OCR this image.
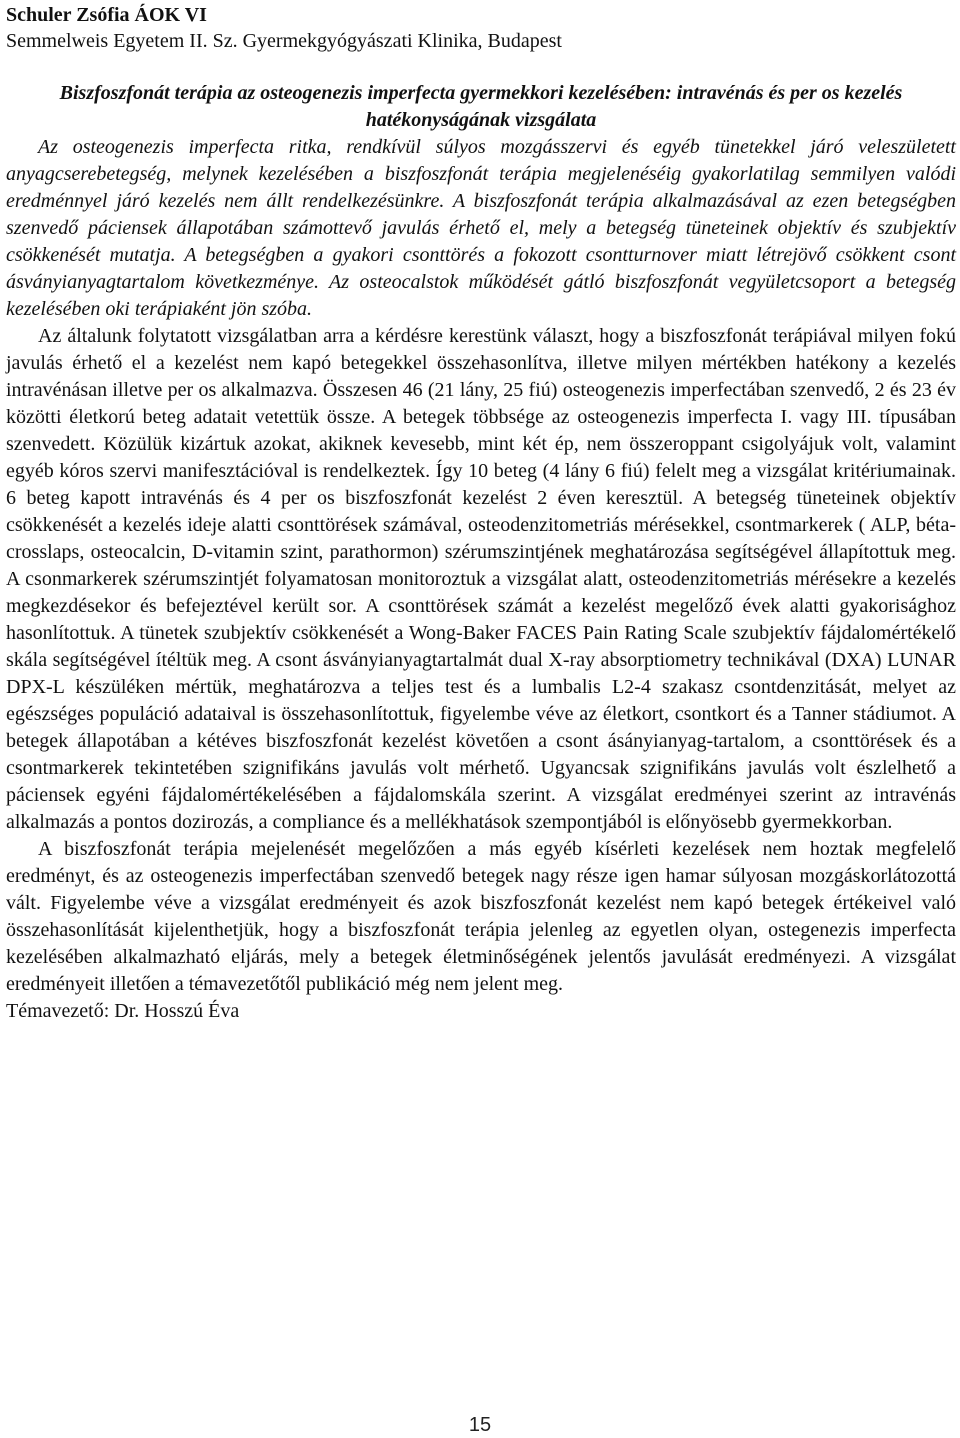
Schuler Zsófia ÁOK VI

Semmelweis Egyetem II. Sz. Gyermekgyógyászati Klinika, Budapest

Biszfoszfonát terápia az osteogenezis imperfecta gyermekkori kezelésében: intravénás és per os kezelés hatékonyságának vizsgálata

Az osteogenezis imperfecta ritka, rendkívül súlyos mozgásszervi és egyéb tünetekkel járó veleszületett anyagcserebetegség, melynek kezelésében a biszfoszfonát terápia megjelenéséig gyakorlatilag semmilyen valódi eredménnyel járó kezelés nem állt rendelkezésünkre. A biszfoszfonát terápia alkalmazásával az ezen betegségben szenvedő páciensek állapotában számottevő javulás érhető el, mely a betegség tüneteinek objektív és szubjektív csökkenését mutatja. A betegségben a gyakori csonttörés a fokozott csontturnover miatt létrejövő csökkent csont ásványianyagtartalom következménye. Az osteocalstok működését gátló biszfoszfonát vegyületcsoport a betegség kezelésében oki terápiaként jön szóba.

Az általunk folytatott vizsgálatban arra a kérdésre kerestünk választ, hogy a biszfoszfonát terápiával milyen fokú javulás érhető el a kezelést nem kapó betegekkel összehasonlítva, illetve milyen mértékben hatékony a kezelés intravénásan illetve per os alkalmazva. Összesen 46 (21 lány, 25 fiú) osteogenezis imperfectában szenvedő, 2 és 23 év közötti életkorú beteg adatait vetettük össze. A betegek többsége az osteogenezis imperfecta I. vagy III. típusában szenvedett. Közülük kizártuk azokat, akiknek kevesebb, mint két ép, nem összeroppant csigolyájuk volt, valamint egyéb kóros szervi manifesztációval is rendelkeztek. Így 10 beteg (4 lány 6 fiú) felelt meg a vizsgálat kritériumainak. 6 beteg kapott intravénás és 4 per os biszfoszfonát kezelést 2 éven keresztül. A betegség tüneteinek objektív csökkenését a kezelés ideje alatti csonttörések számával, osteodenzitometriás mérésekkel, csontmarkerek ( ALP, béta-crosslaps, osteocalcin, D-vitamin szint, parathormon) szérumszintjének meghatározása segítségével állapítottuk meg. A csonmarkerek szérumszintjét folyamatosan monitoroztuk a vizsgálat alatt, osteodenzitometriás mérésekre a kezelés megkezdésekor és befejeztével került sor. A csonttörések számát a kezelést megelőző évek alatti gyakorisághoz hasonlítottuk. A tünetek szubjektív csökkenését a Wong-Baker FACES Pain Rating Scale szubjektív fájdalomértékelő skála segítségével ítéltük meg. A csont ásványianyagtartalmát dual X-ray absorptiometry technikával (DXA) LUNAR DPX-L készüléken mértük, meghatározva a teljes test és a lumbalis L2-4 szakasz csontdenzitását, melyet az egészséges populáció adataival is összehasonlítottuk, figyelembe véve az életkort, csontkort és a Tanner stádiumot. A betegek állapotában a kétéves biszfoszfonát kezelést követően a csont ásányianyag-tartalom, a csonttörések és a csontmarkerek tekintetében szignifikáns javulás volt mérhető. Ugyancsak szignifikáns javulás volt észlelhető a páciensek egyéni fájdalomértékelésében a fájdalomskála szerint. A vizsgálat eredményei szerint az intravénás alkalmazás a pontos dozirozás, a compliance és a mellékhatások szempontjából is előnyösebb gyermekkorban.

A biszfoszfonát terápia mejelenését megelőzően a más egyéb kísérleti kezelések nem hoztak megfelelő eredményt, és az osteogenezis imperfectában szenvedő betegek nagy része igen hamar súlyosan mozgáskorlátozottá vált. Figyelembe véve a vizsgálat eredményeit és azok biszfoszfonát kezelést nem kapó betegek értékeivel való összehasonlítását kijelenthetjük, hogy a biszfoszfonát terápia jelenleg az egyetlen olyan, ostegenezis imperfecta kezelésében alkalmazható eljárás, mely a betegek életminőségének jelentős javulását eredményezi. A vizsgálat eredményeit illetően a témavezetőtől publikáció még nem jelent meg.

Témavezető: Dr. Hosszú Éva

15
